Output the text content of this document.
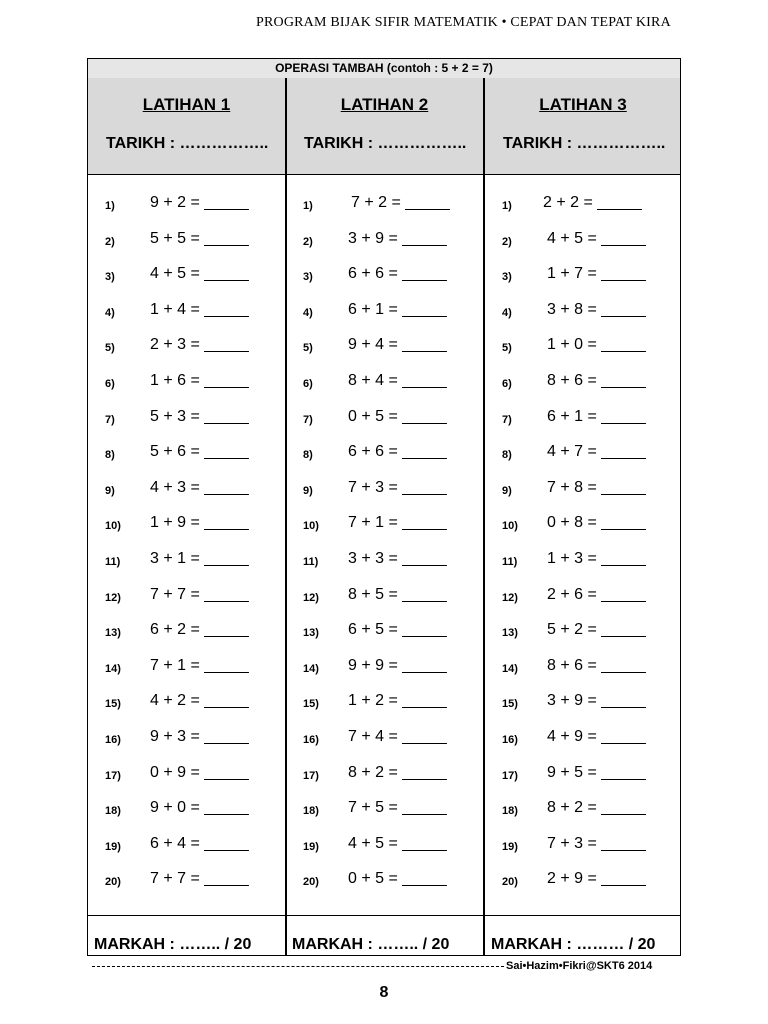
PROGRAM BIJAK SIFIR MATEMATIK • CEPAT DAN TEPAT KIRA
OPERASI TAMBAH (contoh : 5 + 2 = 7)
LATIHAN 1
TARIKH : ……………..
1)	9 + 2 = _____
2)	5 + 5 = _____
3)	4 + 5 = _____
4)	1 + 4 = _____
5)	2 + 3 = _____
6)	1 + 6 = _____
7)	5 + 3 = _____
8)	5 + 6 = _____
9)	4 + 3 = _____
10)	1 + 9 = _____
11)	3 + 1 = _____
12)	7 + 7 = _____
13)	6 + 2 = _____
14)	7 + 1 = _____
15)	4 + 2 = _____
16)	9 + 3 = _____
17)	0 + 9 = _____
18)	9 + 0 = _____
19)	6 + 4 = _____
20)	7 + 7 = _____
MARKAH : …….. / 20
LATIHAN 2
TARIKH : ……………..
1)	7 + 2 = _____
2)	3 + 9 = _____
3)	6 + 6 = _____
4)	6 + 1 = _____
5)	9 + 4 = _____
6)	8 + 4 = _____
7)	0 + 5 = _____
8)	6 + 6 = _____
9)	7 + 3 = _____
10)	7 + 1 = _____
11)	3 + 3 = _____
12)	8 + 5 = _____
13)	6 + 5 = _____
14)	9 + 9 = _____
15)	1 + 2 = _____
16)	7 + 4 = _____
17)	8 + 2 = _____
18)	7 + 5 = _____
19)	4 + 5 = _____
20)	0 + 5 = _____
MARKAH : …….. / 20
LATIHAN 3
TARIKH : ……………..
1)	2 + 2 = _____
2)	4 + 5 = _____
3)	1 + 7 = _____
4)	3 + 8 = _____
5)	1 + 0 = _____
6)	8 + 6 = _____
7)	6 + 1 = _____
8)	4 + 7 = _____
9)	7 + 8 = _____
10)	0 + 8 = _____
11)	1 + 3 = _____
12)	2 + 6 = _____
13)	5 + 2 = _____
14)	8 + 6 = _____
15)	3 + 9 = _____
16)	4 + 9 = _____
17)	9 + 5 = _____
18)	8 + 2 = _____
19)	7 + 3 = _____
20)	2 + 9 = _____
MARKAH : ……… / 20
Sai•Hazim•Fikri@SKT6 2014
8
